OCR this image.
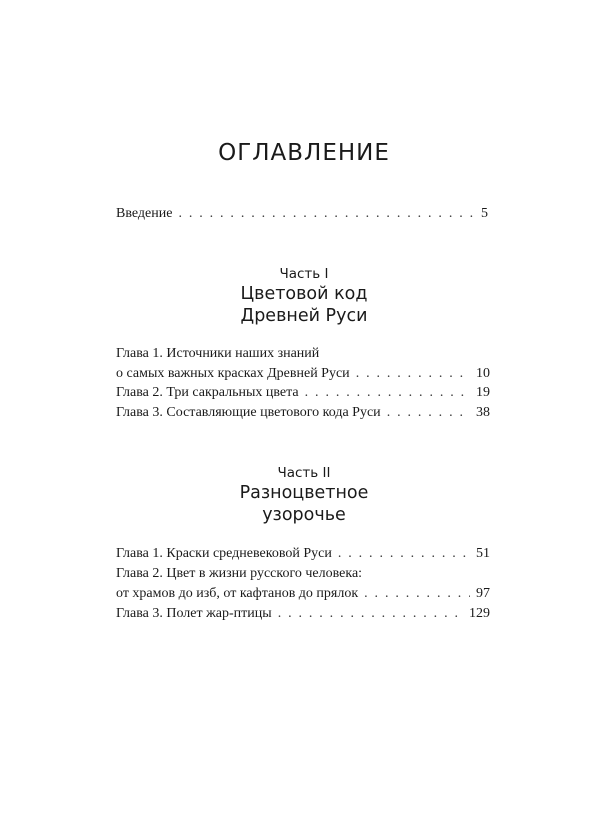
ОГЛАВЛЕНИЕ
Введение . . .	5
Часть I
Цветовой код
Древней Руси
Глава 1. Источники наших знаний
о самых важных красках Древней Руси . . .	10
Глава 2. Три сакральных цвета . . .	19
Глава 3. Составляющие цветового кода Руси . . .	38
Часть II
Разноцветное
узорочье
Глава 1. Краски средневековой Руси . . .	51
Глава 2. Цвет в жизни русского человека:
от храмов до изб, от кафтанов до прялок . . .	97
Глава 3. Полет жар-птицы . . .	129
